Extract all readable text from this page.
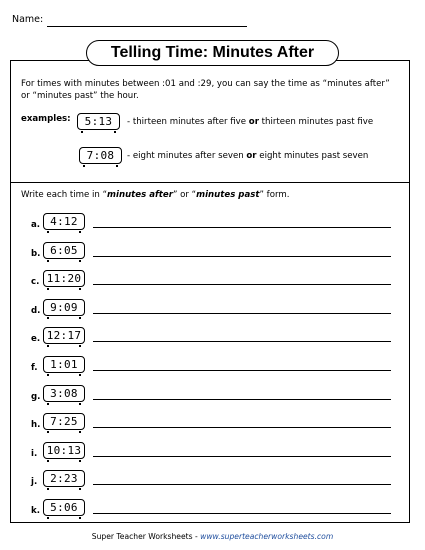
Name:
Telling Time: Minutes After
For times with minutes between :01 and :29, you can say the time as “minutes after” or “minutes past” the hour.
examples:	5:13	- thirteen minutes after five or thirteen minutes past five
7:08	- eight minutes after seven or eight minutes past seven
Write each time in “minutes after” or “minutes past” form.
a. 4:12
b. 6:05
c. 11:20
d. 9:09
e. 12:17
f.	1:01
g. 3:08
h. 7:25
i. 10:13
j.	2:23
k. 5:06
Super Teacher Worksheets - www.superteacherworksheets.com
